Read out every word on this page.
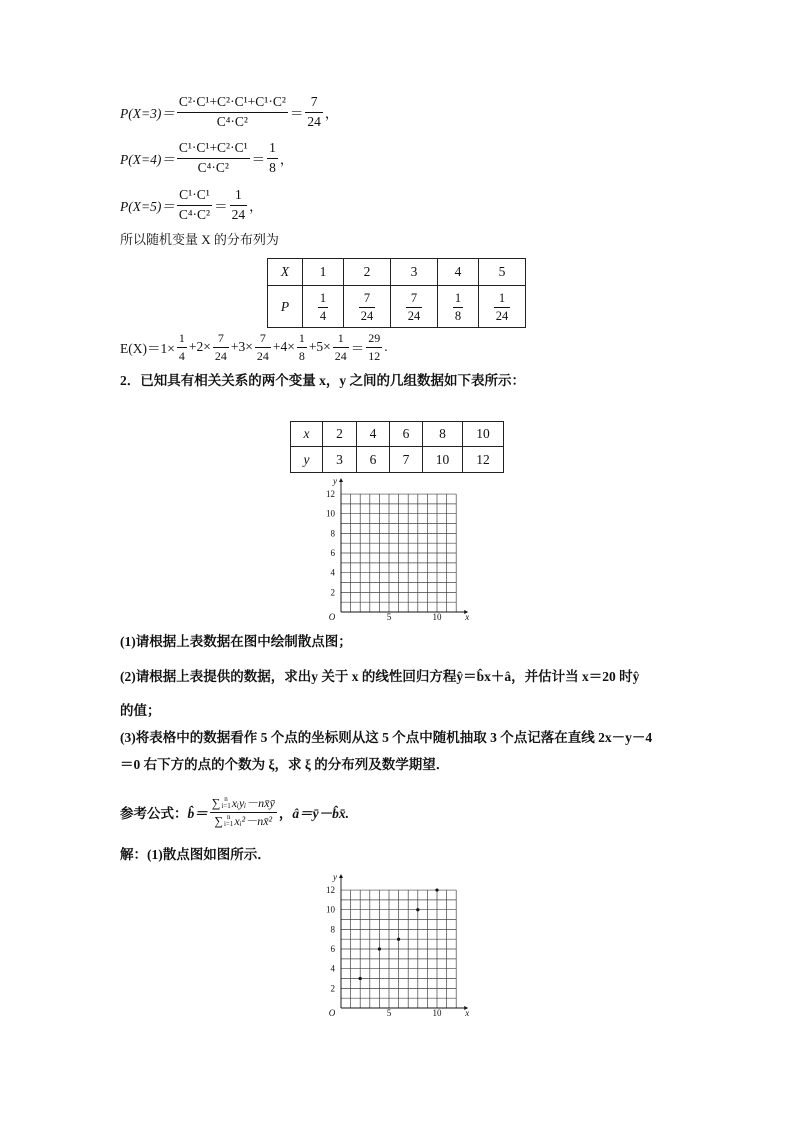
$P(X=3)= \frac{\text{C²·C¹+C²·C¹+C¹·C²}}{\text{C⁴·C²}} = \frac{7}{24}$ ，
$P(X=4)= \frac{\text{C¹·C¹+C²·C¹}}{\text{C⁴·C²}} = \frac{1}{8}$ ，
$P(X=5)= \frac{\text{C¹·C¹}}{\text{C⁴·C²}} = \frac{1}{24}$ ，
所以随机变量 X 的分布列为
X	1	2	3	4	5
P	$\frac{1}{4}$	$\frac{7}{24}$	$\frac{7}{24}$	$\frac{1}{8}$	$\frac{1}{24}$
$E(X)=1\times \frac{1}{4} +2\times \frac{7}{24} +3\times \frac{7}{24} +4\times \frac{1}{8} +5\times \frac{1}{24} = \frac{29}{12}$ .
2．已知具有相关关系的两个变量 x，y 之间的几组数据如下表所示：
x	2	4	6	8	10
y	3	6	7	10	12
5	10
2
4
6
8
10
12
O	x
y
(1)请根据上表数据在图中绘制散点图；
(2)请根据上表提供的数据，求出y 关于 x 的线性回归方程ŷ＝b̂x＋â，并估计当 x＝20 时ŷ
的值；
(3)将表格中的数据看作 5 个点的坐标则从这 5 个点中随机抽取 3 个点记落在直线 2x－y－4
＝0 右下方的点的个数为 ξ，求 ξ 的分布列及数学期望．
参考公式： b̂＝
∑ n
i=1 xᵢyᵢ－nx̄ȳ
∑ n
i=1 xᵢ²－nx̄² ， â＝ȳ－b̂x̄.
解：(1)散点图如图所示．
5	10
2
4
6
8
10
12
O	x
y
